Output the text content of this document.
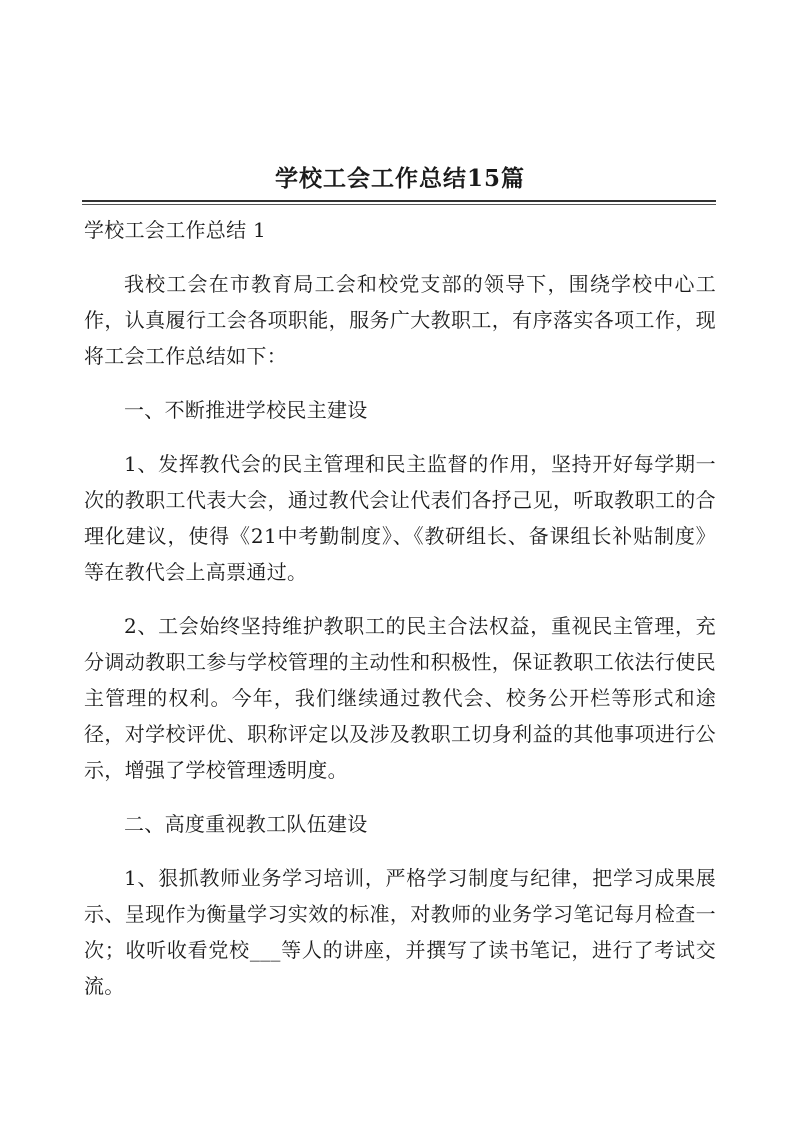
学校工会工作总结15篇

学校工会工作总结 1

我校工会在市教育局工会和校党支部的领导下，围绕学校中心工作，认真履行工会各项职能，服务广大教职工，有序落实各项工作，现将工会工作总结如下：

一、不断推进学校民主建设

1、发挥教代会的民主管理和民主监督的作用，坚持开好每学期一次的教职工代表大会，通过教代会让代表们各抒己见，听取教职工的合理化建议，使得《21中考勤制度》、《教研组长、备课组长补贴制度》等在教代会上高票通过。

2、工会始终坚持维护教职工的民主合法权益，重视民主管理，充分调动教职工参与学校管理的主动性和积极性，保证教职工依法行使民主管理的权利。今年，我们继续通过教代会、校务公开栏等形式和途径，对学校评优、职称评定以及涉及教职工切身利益的其他事项进行公示，增强了学校管理透明度。

二、高度重视教工队伍建设

1、狠抓教师业务学习培训，严格学习制度与纪律，把学习成果展示、呈现作为衡量学习实效的标准，对教师的业务学习笔记每月检查一次；收听收看党校___等人的讲座，并撰写了读书笔记，进行了考试交流。
